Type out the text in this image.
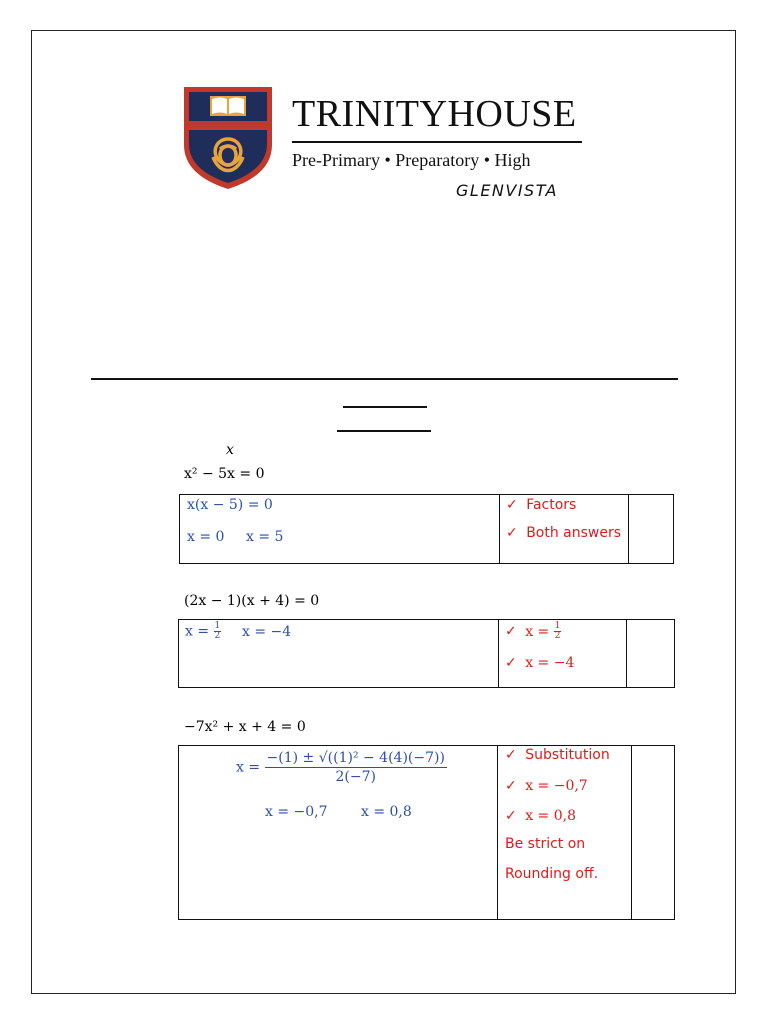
TRINITYHOUSE
Pre-Primary • Preparatory • High
GLENVISTA
x
x² − 5x = 0
x(x − 5) = 0
x = 0 x = 5
✓ Factors
✓ Both answers
(2x − 1)(x + 4) = 0
$x = \frac{1}{2}$ x = −4	✓ $x = \frac{1}{2}$
✓ x = −4
−7x² + x + 4 = 0
$x = \frac{\text{−(1) ± √((1)² − 4(4)(−7))}}{2(-7)}$
x = −0,7 x = 0,8
✓ Substitution
✓ x = −0,7
✓ x = 0,8
Be strict on
Rounding off.
